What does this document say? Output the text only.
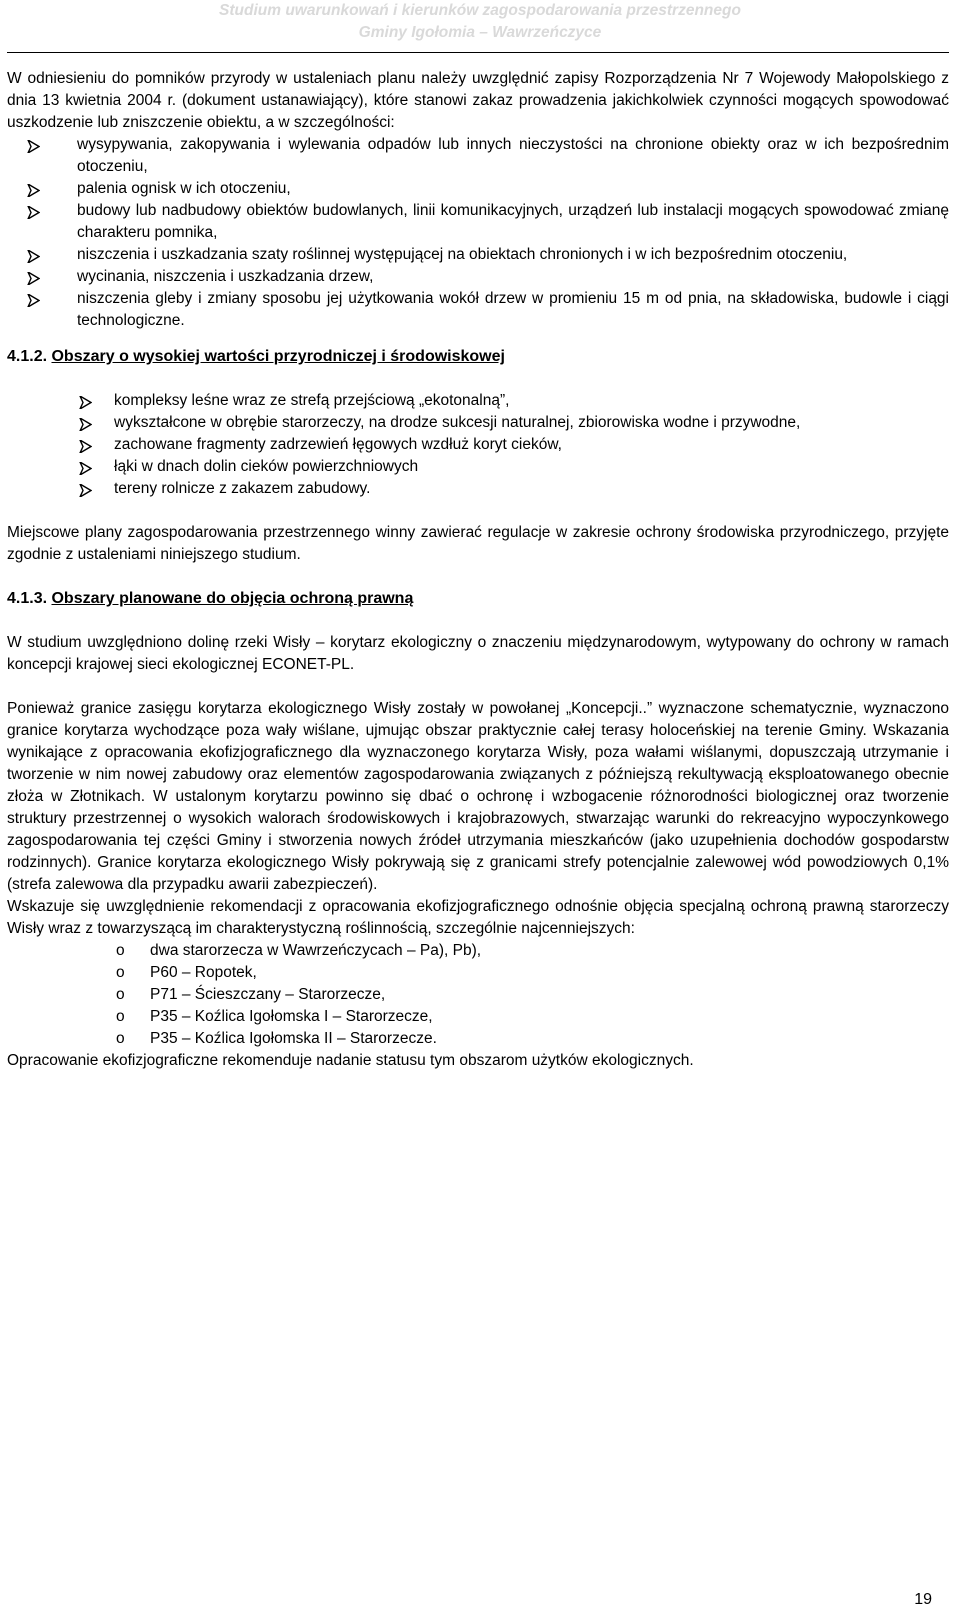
Studium uwarunkowań i kierunków zagospodarowania przestrzennego
Gminy Igołomia – Wawrzeńczyce

W odniesieniu do pomników przyrody w ustaleniach planu należy uwzględnić zapisy Rozporządzenia Nr 7 Wojewody Małopolskiego z dnia 13 kwietnia 2004 r. (dokument ustanawiający), które stanowi zakaz prowadzenia jakichkolwiek czynności mogących spowodować uszkodzenie lub zniszczenie obiektu, a w szczególności:

wysypywania, zakopywania i wylewania odpadów lub innych nieczystości na chronione obiekty oraz w ich bezpośrednim otoczeniu,
palenia ognisk w ich otoczeniu,
budowy lub nadbudowy obiektów budowlanych, linii komunikacyjnych, urządzeń lub instalacji mogących spowodować zmianę charakteru pomnika,
niszczenia i uszkadzania szaty roślinnej występującej na obiektach chronionych i w ich bezpośrednim otoczeniu,
wycinania, niszczenia i uszkadzania drzew,
niszczenia gleby i zmiany sposobu jej użytkowania wokół drzew w promieniu 15 m od pnia, na składowiska, budowle i ciągi technologiczne.

4.1.2. Obszary o wysokiej wartości przyrodniczej i środowiskowej

kompleksy leśne wraz ze strefą przejściową „ekotonalną”,
wykształcone w obrębie starorzeczy, na drodze sukcesji naturalnej, zbiorowiska wodne i przywodne,
zachowane fragmenty zadrzewień łęgowych wzdłuż koryt cieków,
łąki w dnach dolin cieków powierzchniowych
tereny rolnicze z zakazem zabudowy.

Miejscowe plany zagospodarowania przestrzennego winny zawierać regulacje w zakresie ochrony środowiska przyrodniczego, przyjęte zgodnie z ustaleniami niniejszego studium.

4.1.3. Obszary planowane do objęcia ochroną prawną

W studium uwzględniono dolinę rzeki Wisły – korytarz ekologiczny o znaczeniu międzynarodowym, wytypowany do ochrony w ramach koncepcji krajowej sieci ekologicznej ECONET-PL.

Ponieważ granice zasięgu korytarza ekologicznego Wisły zostały w powołanej „Koncepcji..” wyznaczone schematycznie, wyznaczono granice korytarza wychodzące poza wały wiślane, ujmując obszar praktycznie całej terasy holoceńskiej na terenie Gminy. Wskazania wynikające z opracowania ekofizjograficznego dla wyznaczonego korytarza Wisły, poza wałami wiślanymi, dopuszczają utrzymanie i tworzenie w nim nowej zabudowy oraz elementów zagospodarowania związanych z późniejszą rekultywacją eksploatowanego obecnie złoża w Złotnikach. W ustalonym korytarzu powinno się dbać o ochronę i wzbogacenie różnorodności biologicznej oraz tworzenie struktury przestrzennej o wysokich walorach środowiskowych i krajobrazowych, stwarzając warunki do rekreacyjno wypoczynkowego zagospodarowania tej części Gminy i stworzenia nowych źródeł utrzymania mieszkańców (jako uzupełnienia dochodów gospodarstw rodzinnych). Granice korytarza ekologicznego Wisły pokrywają się z granicami strefy potencjalnie zalewowej wód powodziowych 0,1% (strefa zalewowa dla przypadku awarii zabezpieczeń).

Wskazuje się uwzględnienie rekomendacji z opracowania ekofizjograficznego odnośnie objęcia specjalną ochroną prawną starorzeczy Wisły wraz z towarzyszącą im charakterystyczną roślinnością, szczególnie najcenniejszych:

o dwa starorzecza w Wawrzeńczycach – Pa), Pb),
o P60 – Ropotek,
o P71 – Ścieszczany – Starorzecze,
o P35 – Koźlica Igołomska I – Starorzecze,
o P35 – Koźlica Igołomska II – Starorzecze.

Opracowanie ekofizjograficzne rekomenduje nadanie statusu tym obszarom użytków ekologicznych.

19
